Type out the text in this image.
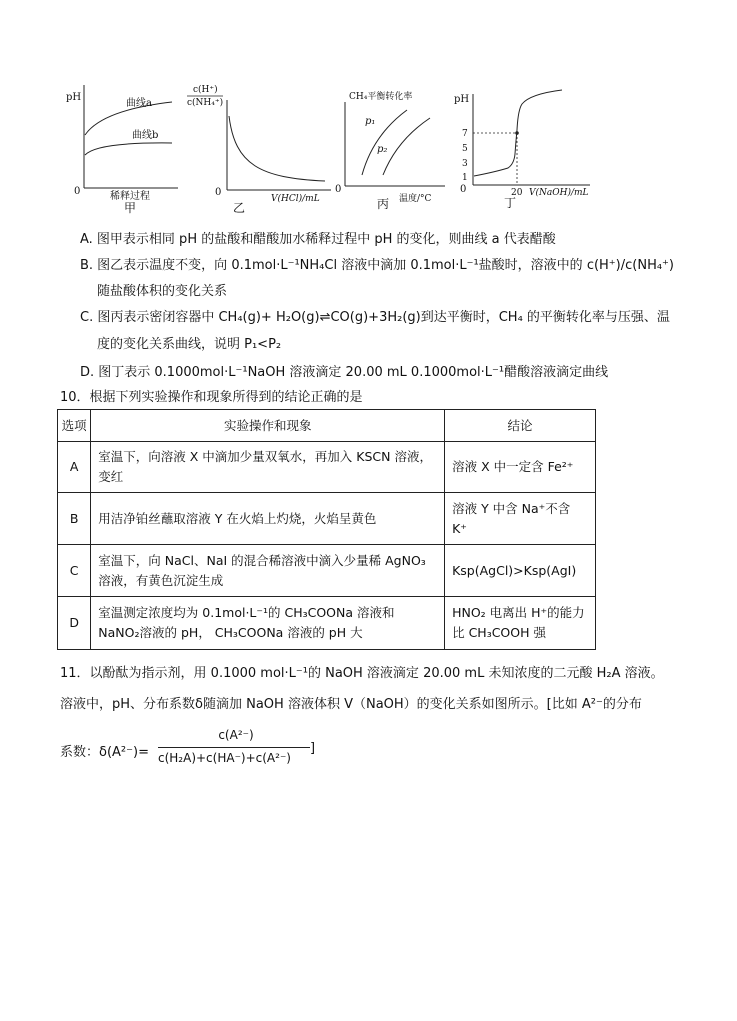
pH
曲线a
曲线b
0	稀释过程
甲
c(H⁺)
c(NH₄⁺)
0
V(HCl)/mL
乙
CH₄平衡转化率
p₁
p₂
0
温度/°C
丙
pH
7
5
3
1
0	20 V(NaOH)/mL
丁
A. 图甲表示相同 pH 的盐酸和醋酸加水稀释过程中 pH 的变化，则曲线 a 代表醋酸
B. 图乙表示温度不变，向 0.1mol·L⁻¹NH₄Cl 溶液中滴加 0.1mol·L⁻¹盐酸时，溶液中的 c(H⁺)/c(NH₄⁺)
随盐酸体积的变化关系
C. 图丙表示密闭容器中 CH₄(g)+ H₂O(g)⇌CO(g)+3H₂(g)到达平衡时，CH₄ 的平衡转化率与压强、温
度的变化关系曲线，说明 P₁<P₂
D. 图丁表示 0.1000mol·L⁻¹NaOH 溶液滴定 20.00 mL 0.1000mol·L⁻¹醋酸溶液滴定曲线
10．根据下列实验操作和现象所得到的结论正确的是
选项	实验操作和现象	结论
A	室温下，向溶液 X 中滴加少量双氧水，再加入 KSCN 溶液，变红	溶液 X 中一定含 Fe²⁺
B	用洁净铂丝蘸取溶液 Y 在火焰上灼烧，火焰呈黄色	溶液 Y 中含 Na⁺不含 K⁺
C	室温下，向 NaCl、NaI 的混合稀溶液中滴入少量稀 AgNO₃溶液，有黄色沉淀生成	Ksp(AgCl)>Ksp(AgI)
D	室温测定浓度均为 0.1mol·L⁻¹的 CH₃COONa 溶液和 NaNO₂溶液的 pH， CH₃COONa 溶液的 pH 大	HNO₂ 电离出 H⁺的能力比 CH₃COOH 强
11．以酚酞为指示剂，用 0.1000 mol·L⁻¹的 NaOH 溶液滴定 20.00 mL 未知浓度的二元酸 H₂A 溶液。
溶液中，pH、分布系数δ随滴加 NaOH 溶液体积 V（NaOH）的变化关系如图所示。[比如 A²⁻的分布
系数：δ(A²⁻)=
c(A²⁻)
c(H₂A)+c(HA⁻)+c(A²⁻)
]
